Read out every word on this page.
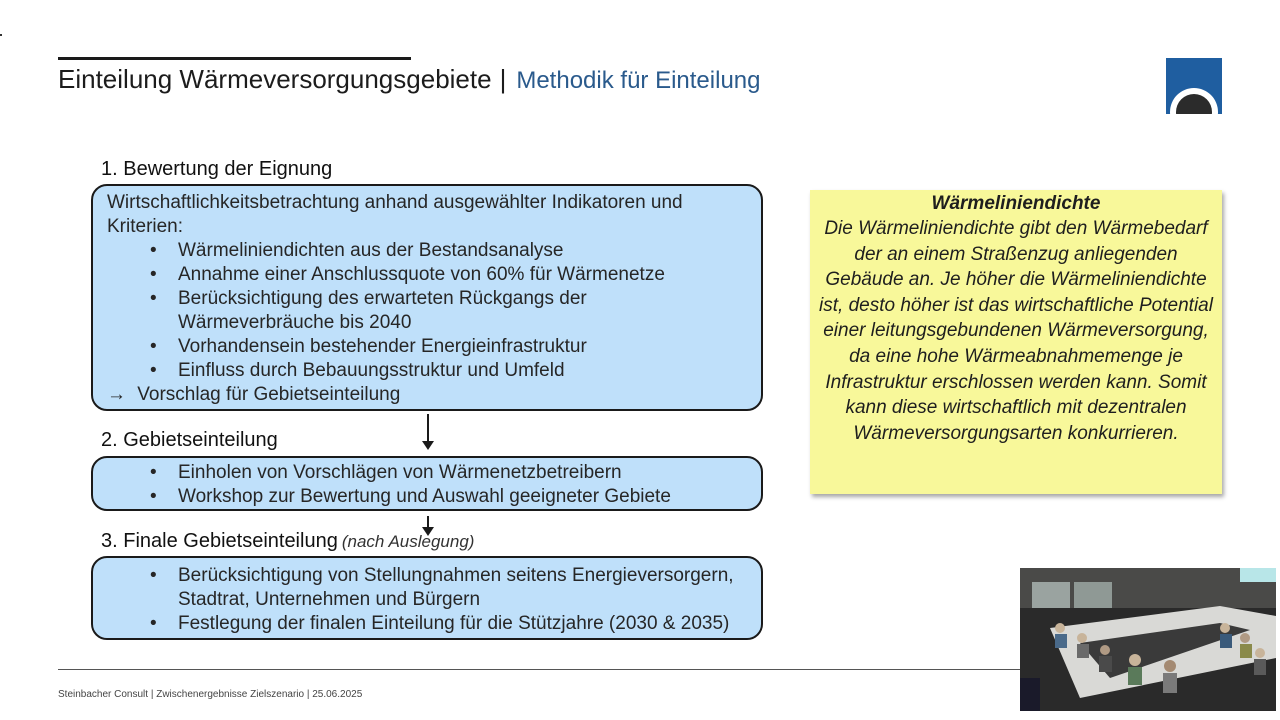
Einteilung Wärmeversorgungsgebiete | Methodik für Einteilung
1. Bewertung der Eignung

Wirtschaftlichkeitsbetrachtung anhand ausgewählter Indikatoren und Kriterien:

• Wärmeliniendichten aus der Bestandsanalyse
• Annahme einer Anschlussquote von 60% für Wärmenetze
• Berücksichtigung des erwarteten Rückgangs der Wärmeverbräuche bis 2040
• Vorhandensein bestehender Energieinfrastruktur
• Einfluss durch Bebauungsstruktur und Umfeld
→ Vorschlag für Gebietseinteilung
2. Gebietseinteilung
• Einholen von Vorschlägen von Wärmenetzbetreibern
• Workshop zur Bewertung und Auswahl geeigneter Gebiete
3. Finale Gebietseinteilung (nach Auslegung)
• Berücksichtigung von Stellungnahmen seitens Energieversorgern, Stadtrat, Unternehmen und Bürgern
• Festlegung der finalen Einteilung für die Stützjahre (2030 & 2035)
Wärmeliniendichte
Die Wärmeliniendichte gibt den Wärmebedarf der an einem Straßenzug anliegenden Gebäude an. Je höher die Wärmeliniendichte ist, desto höher ist das wirtschaftliche Potential einer leitungsgebundenen Wärmeversorgung, da eine hohe Wärmeabnahmemenge je Infrastruktur erschlossen werden kann. Somit kann diese wirtschaftlich mit dezentralen Wärmeversorgungsarten konkurrieren.
Steinbacher Consult | Zwischenergebnisse Zielszenario | 25.06.2025
